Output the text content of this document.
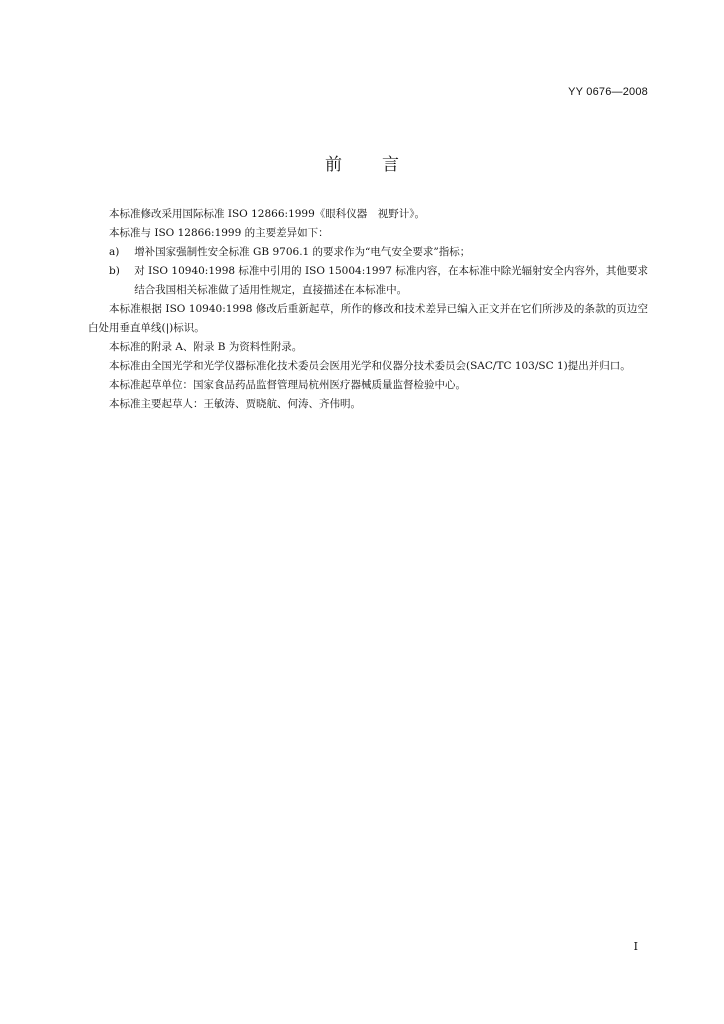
YY 0676—2008
前言

本标准修改采用国际标准 ISO 12866:1999《眼科仪器　视野计》。

本标准与 ISO 12866:1999 的主要差异如下：

a)	增补国家强制性安全标准 GB 9706.1 的要求作为“电气安全要求”指标；
b)	对 ISO 10940:1998 标准中引用的 ISO 15004:1997 标准内容，在本标准中除光辐射安全内容外，其他要求结合我国相关标准做了适用性规定，直接描述在本标准中。

本标准根据 ISO 10940:1998 修改后重新起草，所作的修改和技术差异已编入正文并在它们所涉及的条款的页边空白处用垂直单线(|)标识。

本标准的附录 A、附录 B 为资料性附录。

本标准由全国光学和光学仪器标准化技术委员会医用光学和仪器分技术委员会(SAC/TC 103/SC 1)提出并归口。

本标准起草单位：国家食品药品监督管理局杭州医疗器械质量监督检验中心。

本标准主要起草人：王敏涛、贾晓航、何涛、齐伟明。

I
